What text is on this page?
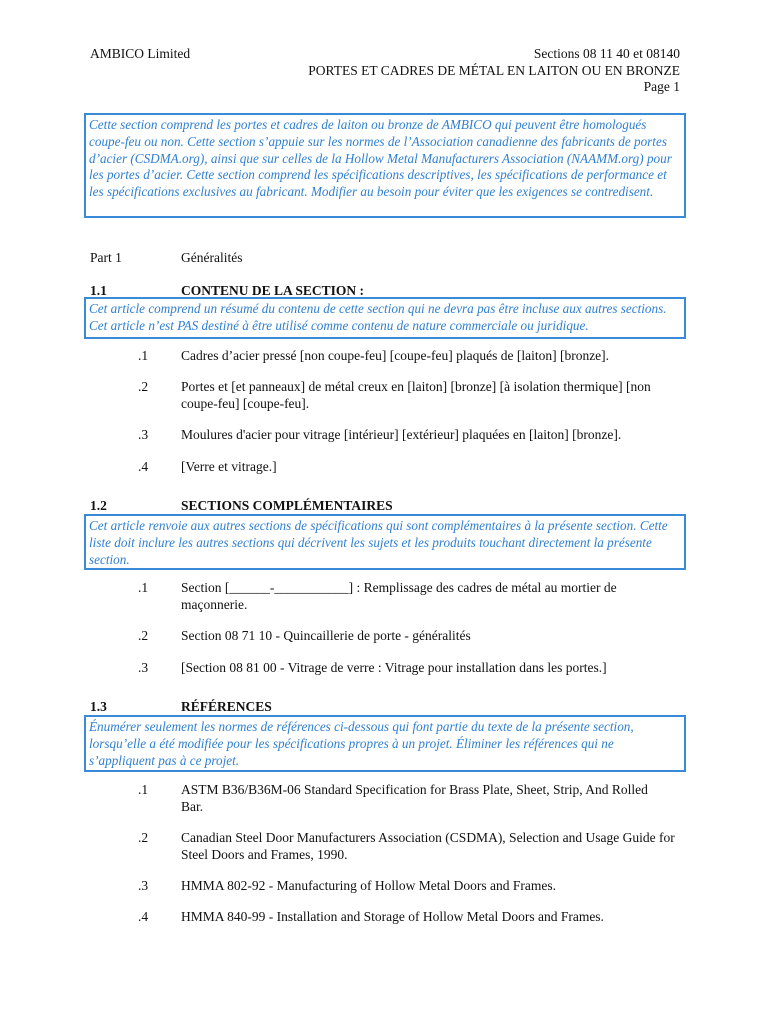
AMBICO Limited	Sections 08 11 40 et 08140
PORTES ET CADRES DE MÉTAL EN LAITON OU EN BRONZE
Page 1
Cette section comprend les portes et cadres de laiton ou bronze de AMBICO qui peuvent être homologués coupe-feu ou non. Cette section s’appuie sur les normes de l’Association canadienne des fabricants de portes d’acier (CSDMA.org), ainsi que sur celles de la Hollow Metal Manufacturers Association (NAAMM.org) pour les portes d’acier. Cette section comprend les spécifications descriptives, les spécifications de performance et les spécifications exclusives au fabricant. Modifier au besoin pour éviter que les exigences se contredisent.
Part 1	Généralités
1.1	CONTENU DE LA SECTION :
Cet article comprend un résumé du contenu de cette section qui ne devra pas être incluse aux autres sections. Cet article n’est PAS destiné à être utilisé comme contenu de nature commerciale ou juridique.
.1 Cadres d’acier pressé [non coupe-feu] [coupe-feu] plaqués de [laiton] [bronze].
.2 Portes et [et panneaux] de métal creux en [laiton] [bronze] [à isolation thermique] [non coupe-feu] [coupe-feu].
.3 Moulures d'acier pour vitrage [intérieur] [extérieur] plaquées en [laiton] [bronze].
.4 [Verre et vitrage.]
1.2	SECTIONS COMPLÉMENTAIRES
Cet article renvoie aux autres sections de spécifications qui sont complémentaires à la présente section. Cette liste doit inclure les autres sections qui décrivent les sujets et les produits touchant directement la présente section.
.1 Section [______-___________] : Remplissage des cadres de métal au mortier de maçonnerie.
.2 Section 08 71 10 - Quincaillerie de porte - généralités
.3 [Section 08 81 00 - Vitrage de verre : Vitrage pour installation dans les portes.]
1.3	RÉFÉRENCES
Énumérer seulement les normes de références ci-dessous qui font partie du texte de la présente section, lorsqu’elle a été modifiée pour les spécifications propres à un projet. Éliminer les références qui ne s’appliquent pas à ce projet.
.1 ASTM B36/B36M-06 Standard Specification for Brass Plate, Sheet, Strip, And Rolled Bar.
.2 Canadian Steel Door Manufacturers Association (CSDMA), Selection and Usage Guide for Steel Doors and Frames, 1990.
.3 HMMA 802-92 - Manufacturing of Hollow Metal Doors and Frames.
.4 HMMA 840-99 - Installation and Storage of Hollow Metal Doors and Frames.
